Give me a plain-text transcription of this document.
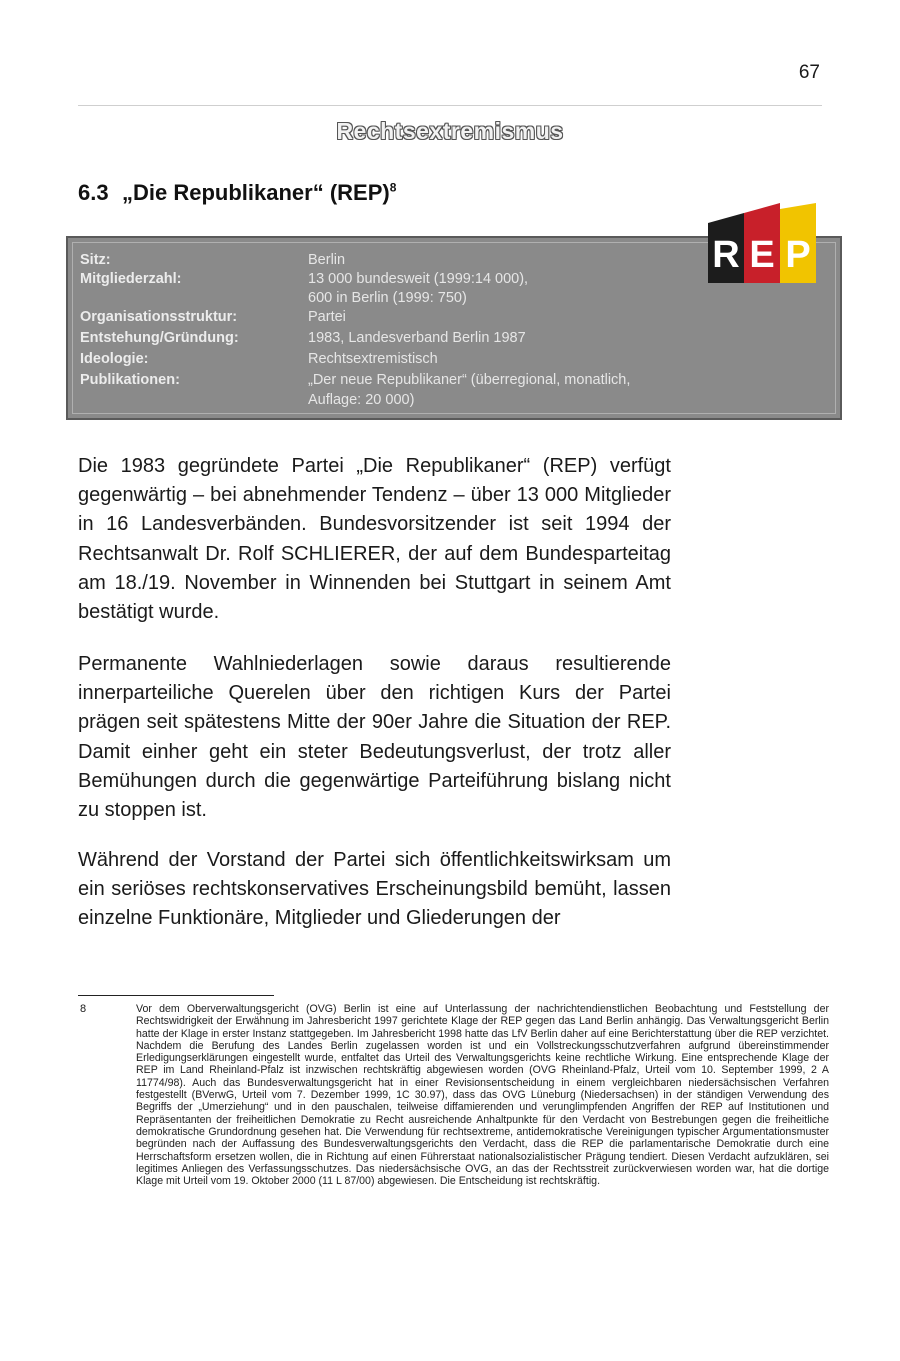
67
Rechtsextremismus
6.3 „Die Republikaner“ (REP)$^8$
Sitz:	Berlin
Mitgliederzahl:	13 000 bundesweit (1999:14 000),
600 in Berlin (1999: 750)
Organisationsstruktur:	Partei
Entstehung/Gründung:	1983, Landesverband Berlin 1987
Ideologie:	Rechtsextremistisch
Publikationen:	„Der neue Republikaner“ (überregional, monatlich,
Auflage: 20 000)
R E P
Die 1983 gegründete Partei „Die Republikaner“ (REP) verfügt gegenwärtig – bei abnehmender Tendenz – über 13 000 Mitglieder in 16 Landesverbänden. Bundesvorsitzender ist seit 1994 der Rechtsanwalt Dr. Rolf SCHLIERER, der auf dem Bundesparteitag am 18./19. November in Winnenden bei Stuttgart in seinem Amt bestätigt wurde.
Permanente Wahlniederlagen sowie daraus resultierende innerparteiliche Querelen über den richtigen Kurs der Partei prägen seit spätestens Mitte der 90er Jahre die Situation der REP. Damit einher geht ein steter Bedeutungsverlust, der trotz aller Bemühungen durch die gegenwärtige Parteiführung bislang nicht zu stoppen ist.
Während der Vorstand der Partei sich öffentlichkeitswirksam um ein seriöses rechtskonservatives Erscheinungsbild bemüht, lassen einzelne Funktionäre, Mitglieder und Gliederungen der
8	Vor dem Oberverwaltungsgericht (OVG) Berlin ist eine auf Unterlassung der nachrichtendienstlichen Beobachtung und Feststellung der Rechtswidrigkeit der Erwähnung im Jahresbericht 1997 gerichtete Klage der REP gegen das Land Berlin anhängig. Das Verwaltungsgericht Berlin hatte der Klage in erster Instanz stattgegeben. Im Jahresbericht 1998 hatte das LfV Berlin daher auf eine Berichterstattung über die REP verzichtet. Nachdem die Berufung des Landes Berlin zugelassen worden ist und ein Vollstreckungsschutzverfahren aufgrund übereinstimmender Erledigungserklärungen eingestellt wurde, entfaltet das Urteil des Verwaltungsgerichts keine rechtliche Wirkung. Eine entsprechende Klage der REP im Land Rheinland-Pfalz ist inzwischen rechtskräftig abgewiesen worden (OVG Rheinland-Pfalz, Urteil vom 10. September 1999, 2 A 11774/98). Auch das Bundesverwaltungsgericht hat in einer Revisionsentscheidung in einem vergleichbaren niedersächsischen Verfahren festgestellt (BVerwG, Urteil vom 7. Dezember 1999, 1C 30.97), dass das OVG Lüneburg (Niedersachsen) in der ständigen Verwendung des Begriffs der „Umerziehung“ und in den pauschalen, teilweise diffamierenden und verunglimpfenden Angriffen der REP auf Institutionen und Repräsentanten der freiheitlichen Demokratie zu Recht ausreichende Anhaltpunkte für den Verdacht von Bestrebungen gegen die freiheitliche demokratische Grundordnung gesehen hat. Die Verwendung für rechtsextreme, antidemokratische Vereinigungen typischer Argumentationsmuster begründen nach der Auffassung des Bundesverwaltungsgerichts den Verdacht, dass die REP die parlamentarische Demokratie durch eine Herrschaftsform ersetzen wollen, die in Richtung auf einen Führerstaat nationalsozialistischer Prägung tendiert. Diesen Verdacht aufzuklären, sei legitimes Anliegen des Verfassungsschutzes. Das niedersächsische OVG, an das der Rechtsstreit zurückverwiesen worden war, hat die dortige Klage mit Urteil vom 19. Oktober 2000 (11 L 87/00) abgewiesen. Die Entscheidung ist rechtskräftig.
